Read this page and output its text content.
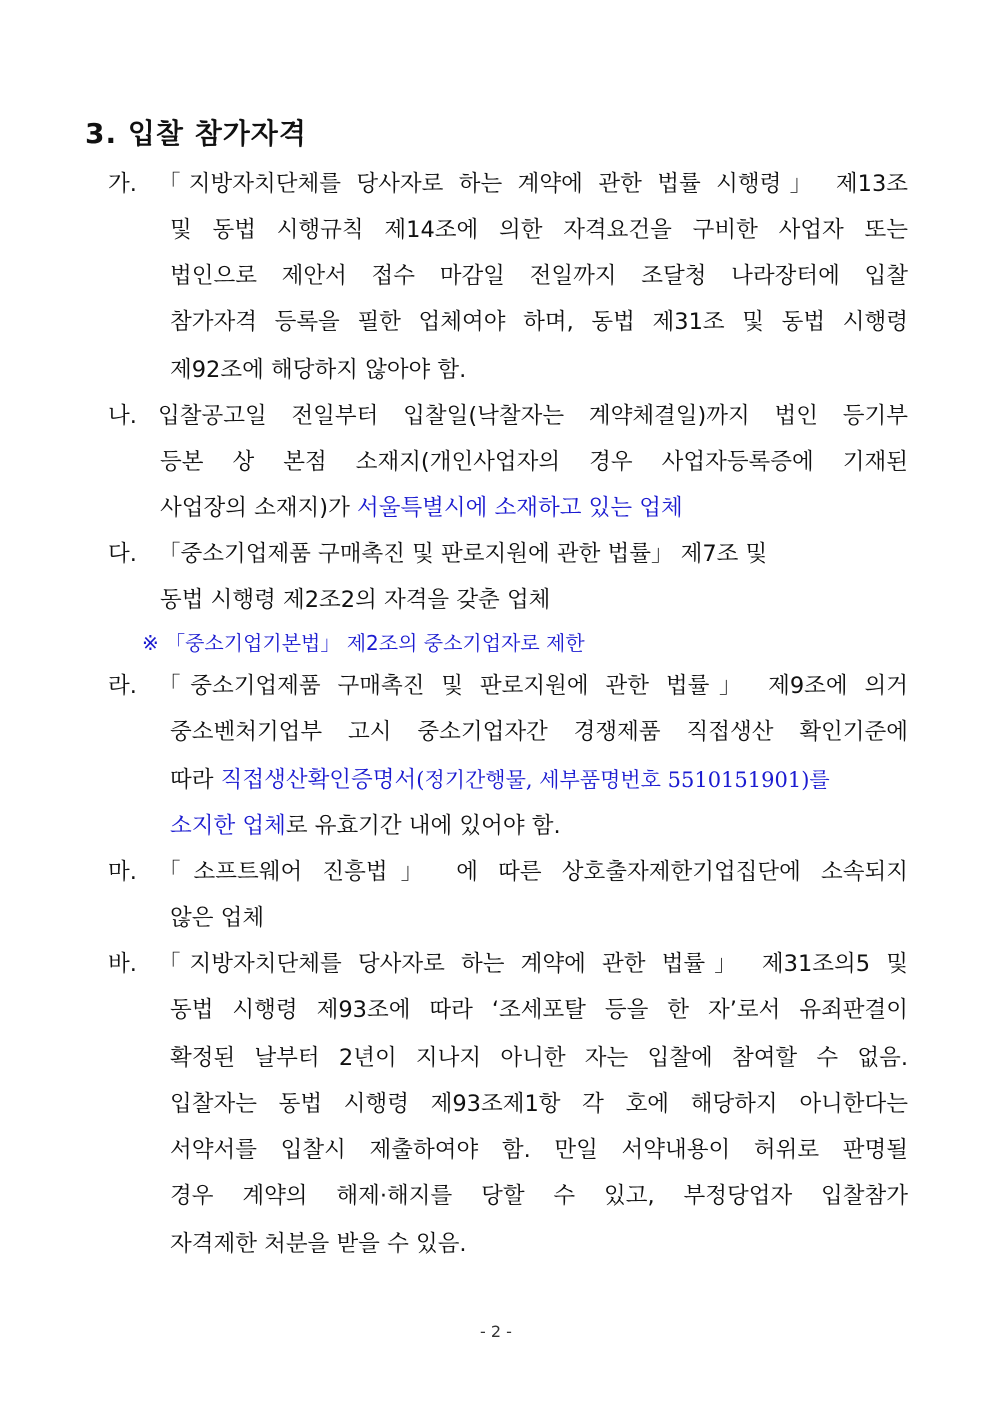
3. 입찰 참가자격
가. 「지방자치단체를 당사자로 하는 계약에 관한 법률 시행령」 제13조
및 동법 시행규칙 제14조에 의한 자격요건을 구비한 사업자 또는
법인으로 제안서 접수 마감일 전일까지 조달청 나라장터에 입찰
참가자격 등록을 필한 업체여야 하며, 동법 제31조 및 동법 시행령
제92조에 해당하지 않아야 함.
나. 입찰공고일 전일부터 입찰일(낙찰자는 계약체결일)까지 법인 등기부
등본 상 본점 소재지(개인사업자의 경우 사업자등록증에 기재된
사업장의 소재지)가 서울특별시에 소재하고 있는 업체
다. 「중소기업제품 구매촉진 및 판로지원에 관한 법률」 제7조 및
동법 시행령 제2조2의 자격을 갖춘 업체
※ 「중소기업기본법」 제2조의 중소기업자로 제한
라. 「중소기업제품 구매촉진 및 판로지원에 관한 법률」 제9조에 의거
중소벤처기업부 고시 중소기업자간 경쟁제품 직접생산 확인기준에
따라 직접생산확인증명서(정기간행물, 세부품명번호 5510151901)를
소지한 업체로 유효기간 내에 있어야 함.
마. 「소프트웨어 진흥법」 에 따른 상호출자제한기업집단에 소속되지
않은 업체
바. 「지방자치단체를 당사자로 하는 계약에 관한 법률」 제31조의5 및
동법 시행령 제93조에 따라 ‘조세포탈 등을 한 자’로서 유죄판결이
확정된 날부터 2년이 지나지 아니한 자는 입찰에 참여할 수 없음.
입찰자는 동법 시행령 제93조제1항 각 호에 해당하지 아니한다는
서약서를 입찰시 제출하여야 함. 만일 서약내용이 허위로 판명될
경우 계약의 해제·해지를 당할 수 있고, 부정당업자 입찰참가
자격제한 처분을 받을 수 있음.
- 2 -
